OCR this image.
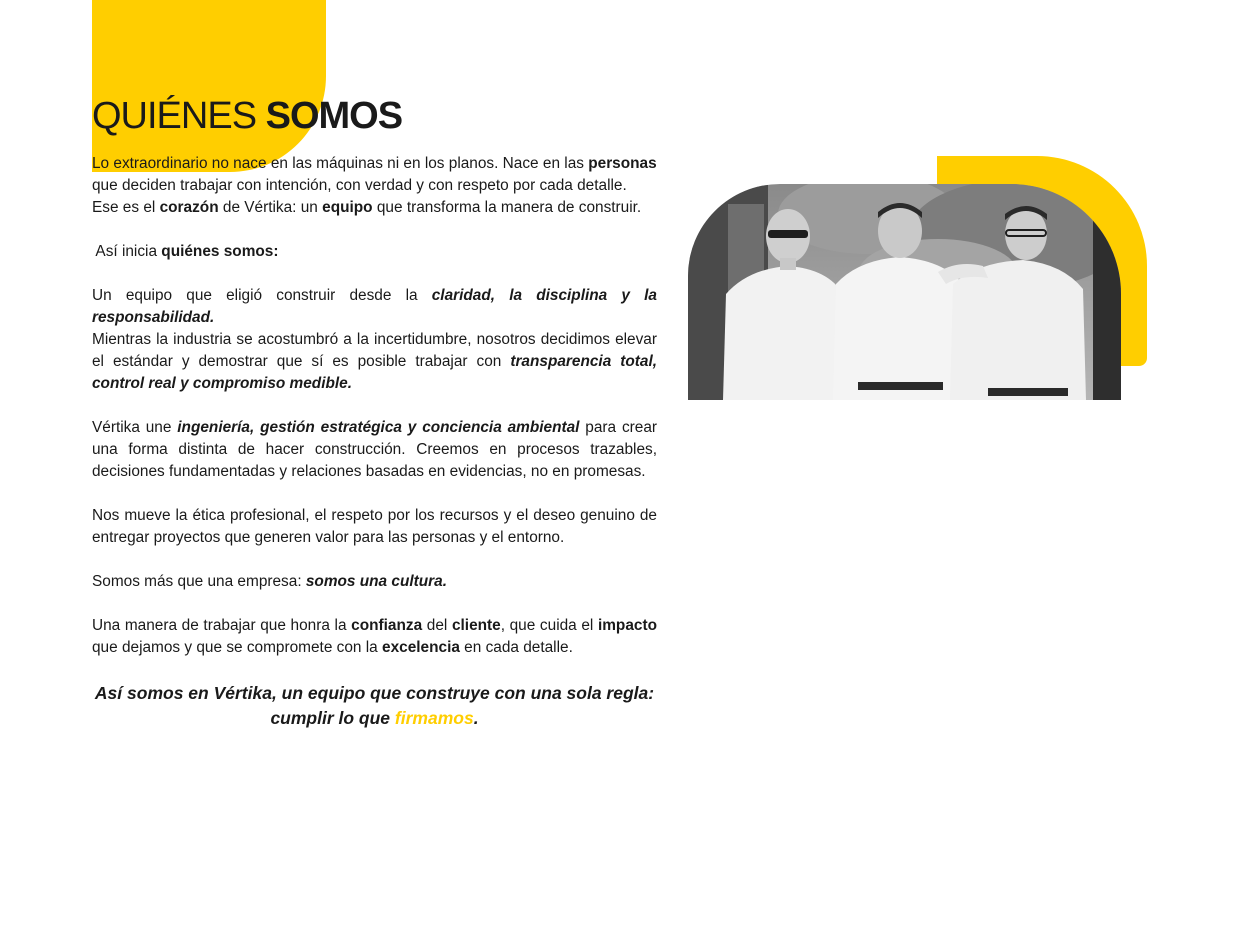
QUIÉNES SOMOS

Lo extraordinario no nace en las máquinas ni en los planos. Nace en las personas que deciden trabajar con intención, con verdad y con respeto por cada detalle. Ese es el corazón de Vértika: un equipo que transforma la manera de construir.

Así inicia quiénes somos:

Un equipo que eligió construir desde la claridad, la disciplina y la responsabilidad.

Mientras la industria se acostumbró a la incertidumbre, nosotros decidimos elevar el estándar y demostrar que sí es posible trabajar con transparencia total, control real y compromiso medible.

Vértika une ingeniería, gestión estratégica y conciencia ambiental para crear una forma distinta de hacer construcción. Creemos en procesos trazables, decisiones fundamentadas y relaciones basadas en evidencias, no en promesas.

Nos mueve la ética profesional, el respeto por los recursos y el deseo genuino de entregar proyectos que generen valor para las personas y el entorno.

Somos más que una empresa: somos una cultura.

Una manera de trabajar que honra la confianza del cliente, que cuida el impacto que dejamos y que se compromete con la excelencia en cada detalle.

Así somos en Vértika, un equipo que construye con una sola regla: cumplir lo que firmamos.
